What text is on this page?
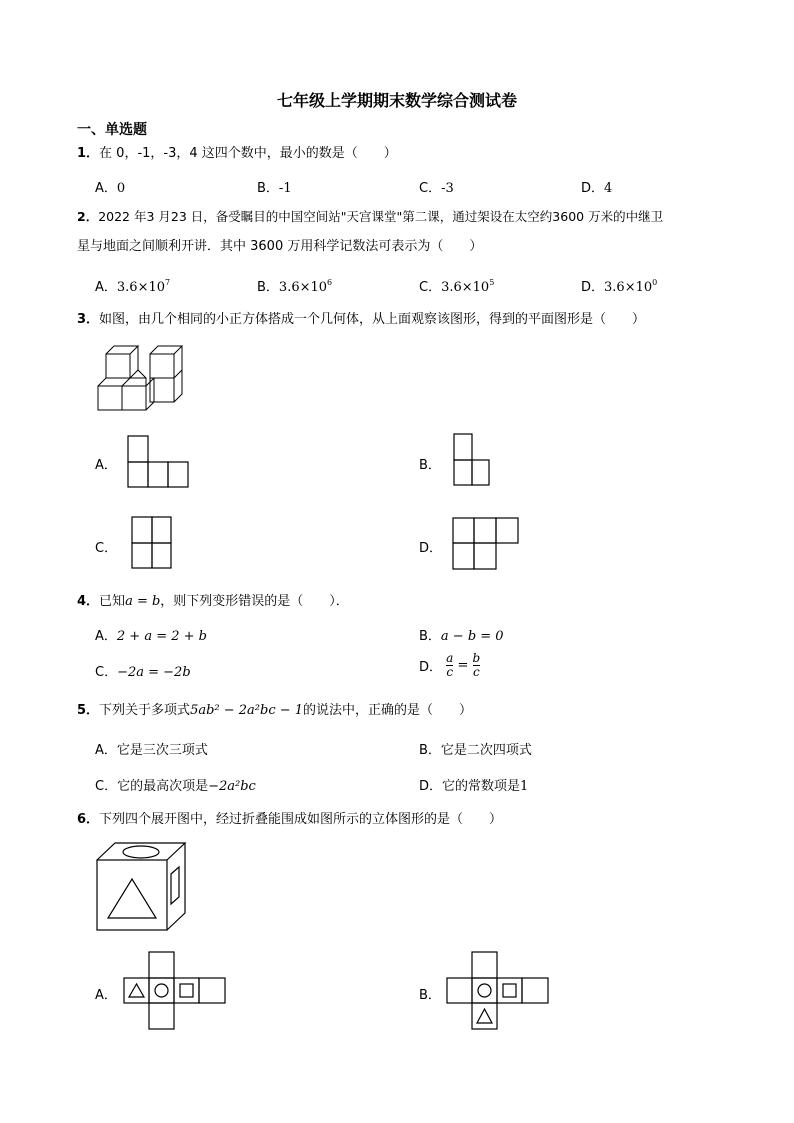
七年级上学期期末数学综合测试卷
一、单选题
1．在 0，-1，-3，4 这四个数中，最小的数是（　　）
A．0	B．-1	C．-3	D．4
2．2022 年3 月23 日，备受瞩目的中国空间站"天宫课堂"第二课，通过架设在太空约3600 万米的中继卫
星与地面之间顺利开讲．其中 3600 万用科学记数法可表示为（　　）
A．$3.6\times 10^7$	B．$3.6\times 10^6$	C．$3.6\times 10^5$	D．$3.6\times 10^0$
3．如图，由几个相同的小正方体搭成一个几何体，从上面观察该图形，得到的平面图形是（　　）
A．	B．
C．	D．
4．已知a = b，则下列变形错误的是（　　）．
A．2 + a = 2 + b	B．a − b = 0
C．−2a = −2b	D． $\frac{a}{c} = \frac{b}{c}$
5．下列关于多项式5ab² − 2a²bc − 1的说法中，正确的是（　　）
A．它是三次三项式	B．它是二次四项式
C．它的最高次项是−2a²bc	D．它的常数项是1
6．下列四个展开图中，经过折叠能围成如图所示的立体图形的是（　　）
A．	B．
